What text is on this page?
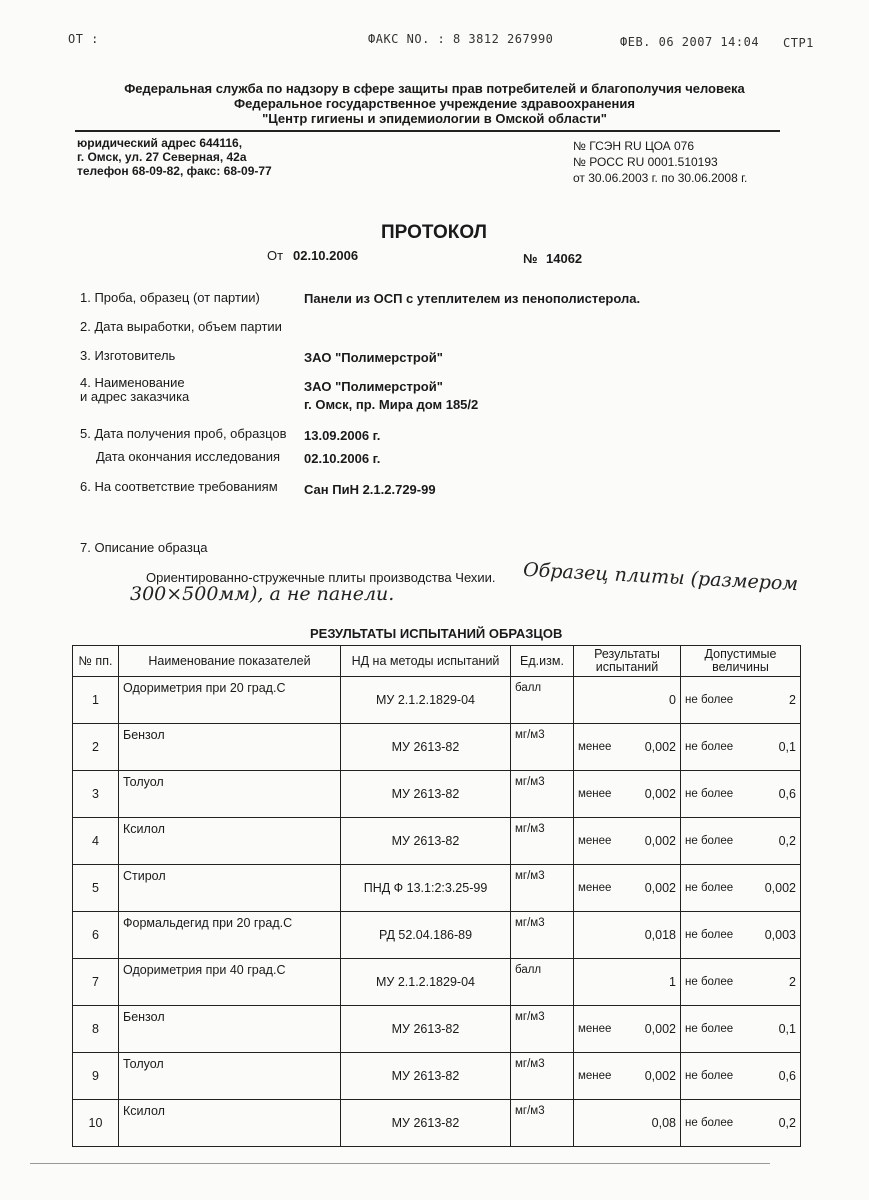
ОТ :	ФАКС NO. : 8 3812 267990	ФЕВ. 06 2007 14:04 СТР1
Федеральная служба по надзору в сфере защиты прав потребителей и благополучия человека
Федеральное государственное учреждение здравоохранения
"Центр гигиены и эпидемиологии в Омской области"
юридический адрес 644116,
г. Омск, ул. 27 Северная, 42а
телефон 68-09-82, факс: 68-09-77
№ ГСЭН RU ЦОА 076
№ РОСС RU 0001.510193
от 30.06.2003 г. по 30.06.2008 г.
ПРОТОКОЛ
От 02.10.2006	№ 14062
1. Проба, образец (от партии)	Панели из ОСП с утеплителем из пенополистерола.
2. Дата выработки, объем партии
3. Изготовитель	ЗАО "Полимерстрой"
4. Наименование
и адрес заказчика
ЗАО "Полимерстрой"
г. Омск, пр. Мира дом 185/2
5. Дата получения проб, образцов 13.09.2006 г.
Дата окончания исследования 02.10.2006 г.
6. На соответствие требованиям Сан ПиН 2.1.2.729-99
7. Описание образца
Ориентированно-стружечные плиты производства Чехии. Образец плиты (размером
300×500мм), а не панели.
РЕЗУЛЬТАТЫ ИСПЫТАНИЙ ОБРАЗЦОВ
№ пп.	Наименование показателей	НД на методы испытаний	Ед.изм.	Результаты испытаний	Допустимые величины
1	Одориметрия при 20 град.С	МУ 2.1.2.1829-04	балл	0	не более 2

2	Бензол	МУ 2613-82	мг/м3	менее 0,002	не более 0,1

3	Толуол	МУ 2613-82	мг/м3	менее 0,002	не более 0,6

4	Ксилол	МУ 2613-82	мг/м3	менее 0,002	не более 0,2

5	Стирол	ПНД Ф 13.1:2:3.25-99	мг/м3	менее 0,002	не более 0,002

6	Формальдегид при 20 град.С	РД 52.04.186-89	мг/м3	0,018	не более 0,003

7	Одориметрия при 40 град.С	МУ 2.1.2.1829-04	балл	1	не более 2

8	Бензол	МУ 2613-82	мг/м3	менее 0,002	не более 0,1

9	Толуол	МУ 2613-82	мг/м3	менее 0,002	не более 0,6

10	Ксилол	МУ 2613-82	мг/м3	0,08	не более 0,2
